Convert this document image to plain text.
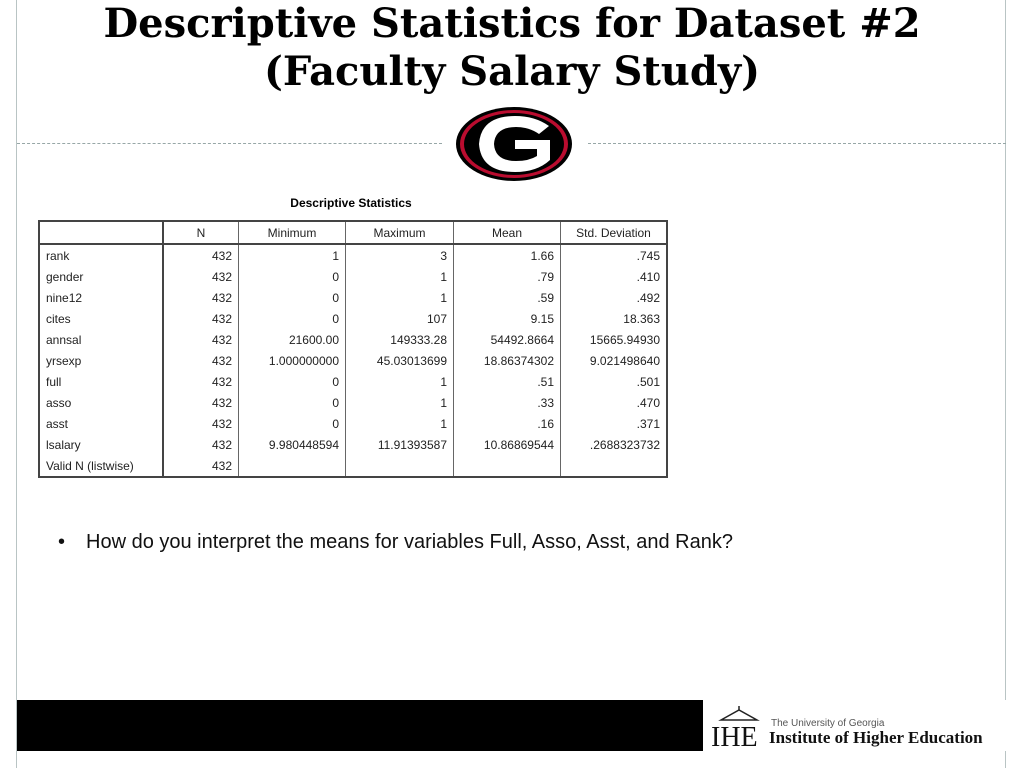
Descriptive Statistics for Dataset #2
(Faculty Salary Study)
Descriptive Statistics
	N	Minimum	Maximum	Mean	Std. Deviation
rank	432	1	3	1.66	.745
gender	432	0	1	.79	.410
nine12	432	0	1	.59	.492
cites	432	0	107	9.15	18.363
annsal	432	21600.00	149333.28	54492.8664	15665.94930
yrsexp	432	1.000000000	45.03013699	18.86374302	9.021498640
full	432	0	1	.51	.501
asso	432	0	1	.33	.470
asst	432	0	1	.16	.371
lsalary	432	9.980448594	11.91393587	10.86869544	.2688323732
Valid N (listwise)	432				
• How do you interpret the means for variables Full, Asso, Asst, and Rank?
IHE The University of Georgia
Institute of Higher Education
